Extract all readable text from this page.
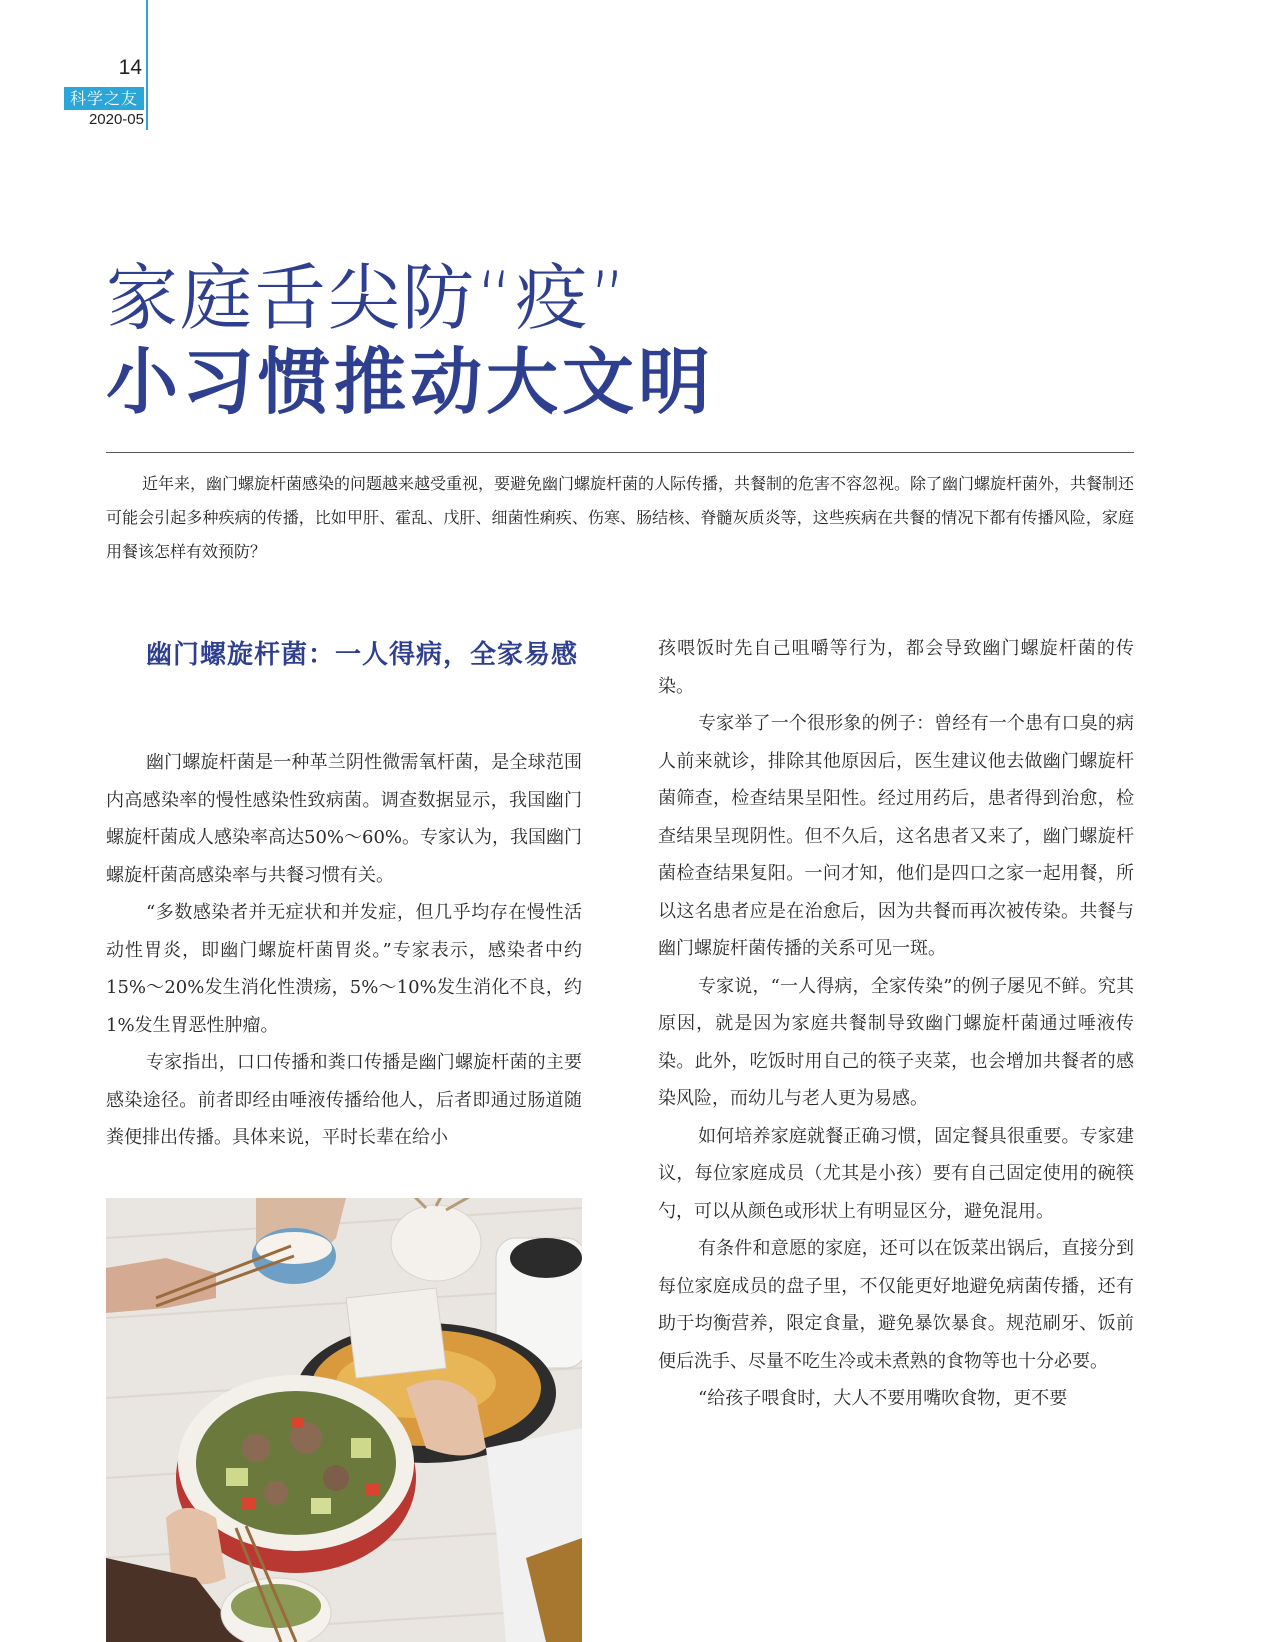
14
科学之友
2020-05
家庭舌尖防“疫”
小习惯推动大文明

近年来，幽门螺旋杆菌感染的问题越来越受重视，要避免幽门螺旋杆菌的人际传播，共餐制的危害不容忽视。除了幽门螺旋杆菌外，共餐制还可能会引起多种疾病的传播，比如甲肝、霍乱、戊肝、细菌性痢疾、伤寒、肠结核、脊髓灰质炎等，这些疾病在共餐的情况下都有传播风险，家庭用餐该怎样有效预防？

幽门螺旋杆菌：一人得病，全家易感

幽门螺旋杆菌是一种革兰阴性微需氧杆菌，是全球范围内高感染率的慢性感染性致病菌。调查数据显示，我国幽门螺旋杆菌成人感染率高达50%～60%。专家认为，我国幽门螺旋杆菌高感染率与共餐习惯有关。

“多数感染者并无症状和并发症，但几乎均存在慢性活动性胃炎，即幽门螺旋杆菌胃炎。”专家表示，感染者中约15%～20%发生消化性溃疡，5%～10%发生消化不良，约1%发生胃恶性肿瘤。

专家指出，口口传播和粪口传播是幽门螺旋杆菌的主要感染途径。前者即经由唾液传播给他人，后者即通过肠道随粪便排出传播。具体来说，平时长辈在给小

孩喂饭时先自己咀嚼等行为，都会导致幽门螺旋杆菌的传染。

专家举了一个很形象的例子：曾经有一个患有口臭的病人前来就诊，排除其他原因后，医生建议他去做幽门螺旋杆菌筛查，检查结果呈阳性。经过用药后，患者得到治愈，检查结果呈现阴性。但不久后，这名患者又来了，幽门螺旋杆菌检查结果复阳。一问才知，他们是四口之家一起用餐，所以这名患者应是在治愈后，因为共餐而再次被传染。共餐与幽门螺旋杆菌传播的关系可见一斑。

专家说，“一人得病，全家传染”的例子屡见不鲜。究其原因，就是因为家庭共餐制导致幽门螺旋杆菌通过唾液传染。此外，吃饭时用自己的筷子夹菜，也会增加共餐者的感染风险，而幼儿与老人更为易感。

如何培养家庭就餐正确习惯，固定餐具很重要。专家建议，每位家庭成员（尤其是小孩）要有自己固定使用的碗筷勺，可以从颜色或形状上有明显区分，避免混用。

有条件和意愿的家庭，还可以在饭菜出锅后，直接分到每位家庭成员的盘子里，不仅能更好地避免病菌传播，还有助于均衡营养，限定食量，避免暴饮暴食。规范刷牙、饭前便后洗手、尽量不吃生冷或未煮熟的食物等也十分必要。

“给孩子喂食时，大人不要用嘴吹食物，更不要
